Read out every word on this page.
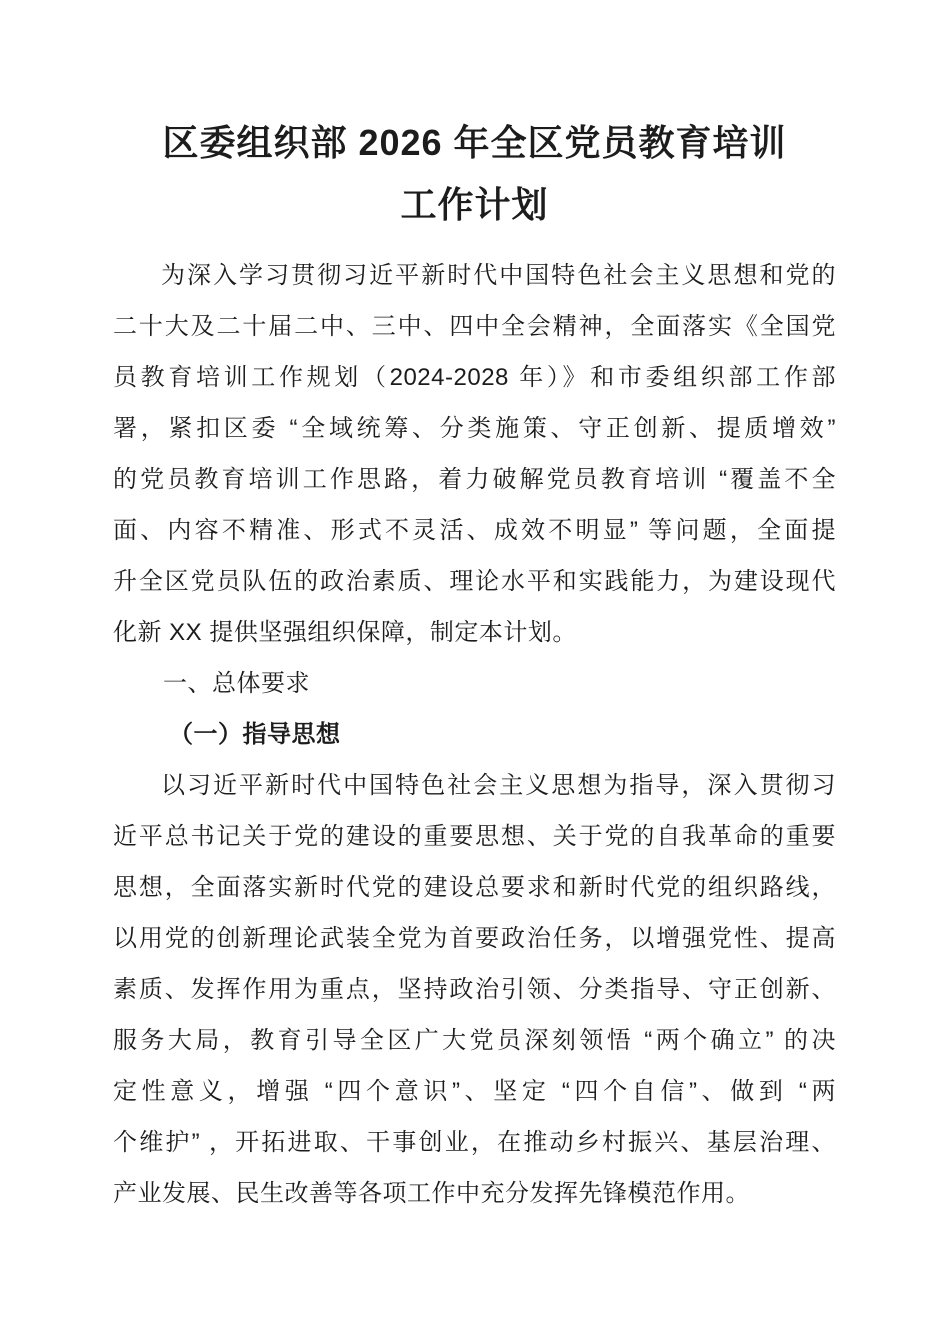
区委组织部 2026 年全区党员教育培训
工作计划
为深入学习贯彻习近平新时代中国特色社会主义思想和党的
二十大及二十届二中、三中、四中全会精神，全面落实《全国党
员教育培训工作规划（2024-2028 年）》和市委组织部工作部
署，紧扣区委 “全域统筹、分类施策、守正创新、提质增效”
的党员教育培训工作思路，着力破解党员教育培训 “覆盖不全
面、内容不精准、形式不灵活、成效不明显” 等问题，全面提
升全区党员队伍的政治素质、理论水平和实践能力，为建设现代
化新 XX 提供坚强组织保障，制定本计划。
一、总体要求
（一）指导思想
以习近平新时代中国特色社会主义思想为指导，深入贯彻习
近平总书记关于党的建设的重要思想、关于党的自我革命的重要
思想，全面落实新时代党的建设总要求和新时代党的组织路线，
以用党的创新理论武装全党为首要政治任务，以增强党性、提高
素质、发挥作用为重点，坚持政治引领、分类指导、守正创新、
服务大局，教育引导全区广大党员深刻领悟 “两个确立” 的决
定性意义，增强 “四个意识”、坚定 “四个自信”、做到 “两
个维护” ，开拓进取、干事创业，在推动乡村振兴、基层治理、
产业发展、民生改善等各项工作中充分发挥先锋模范作用。
